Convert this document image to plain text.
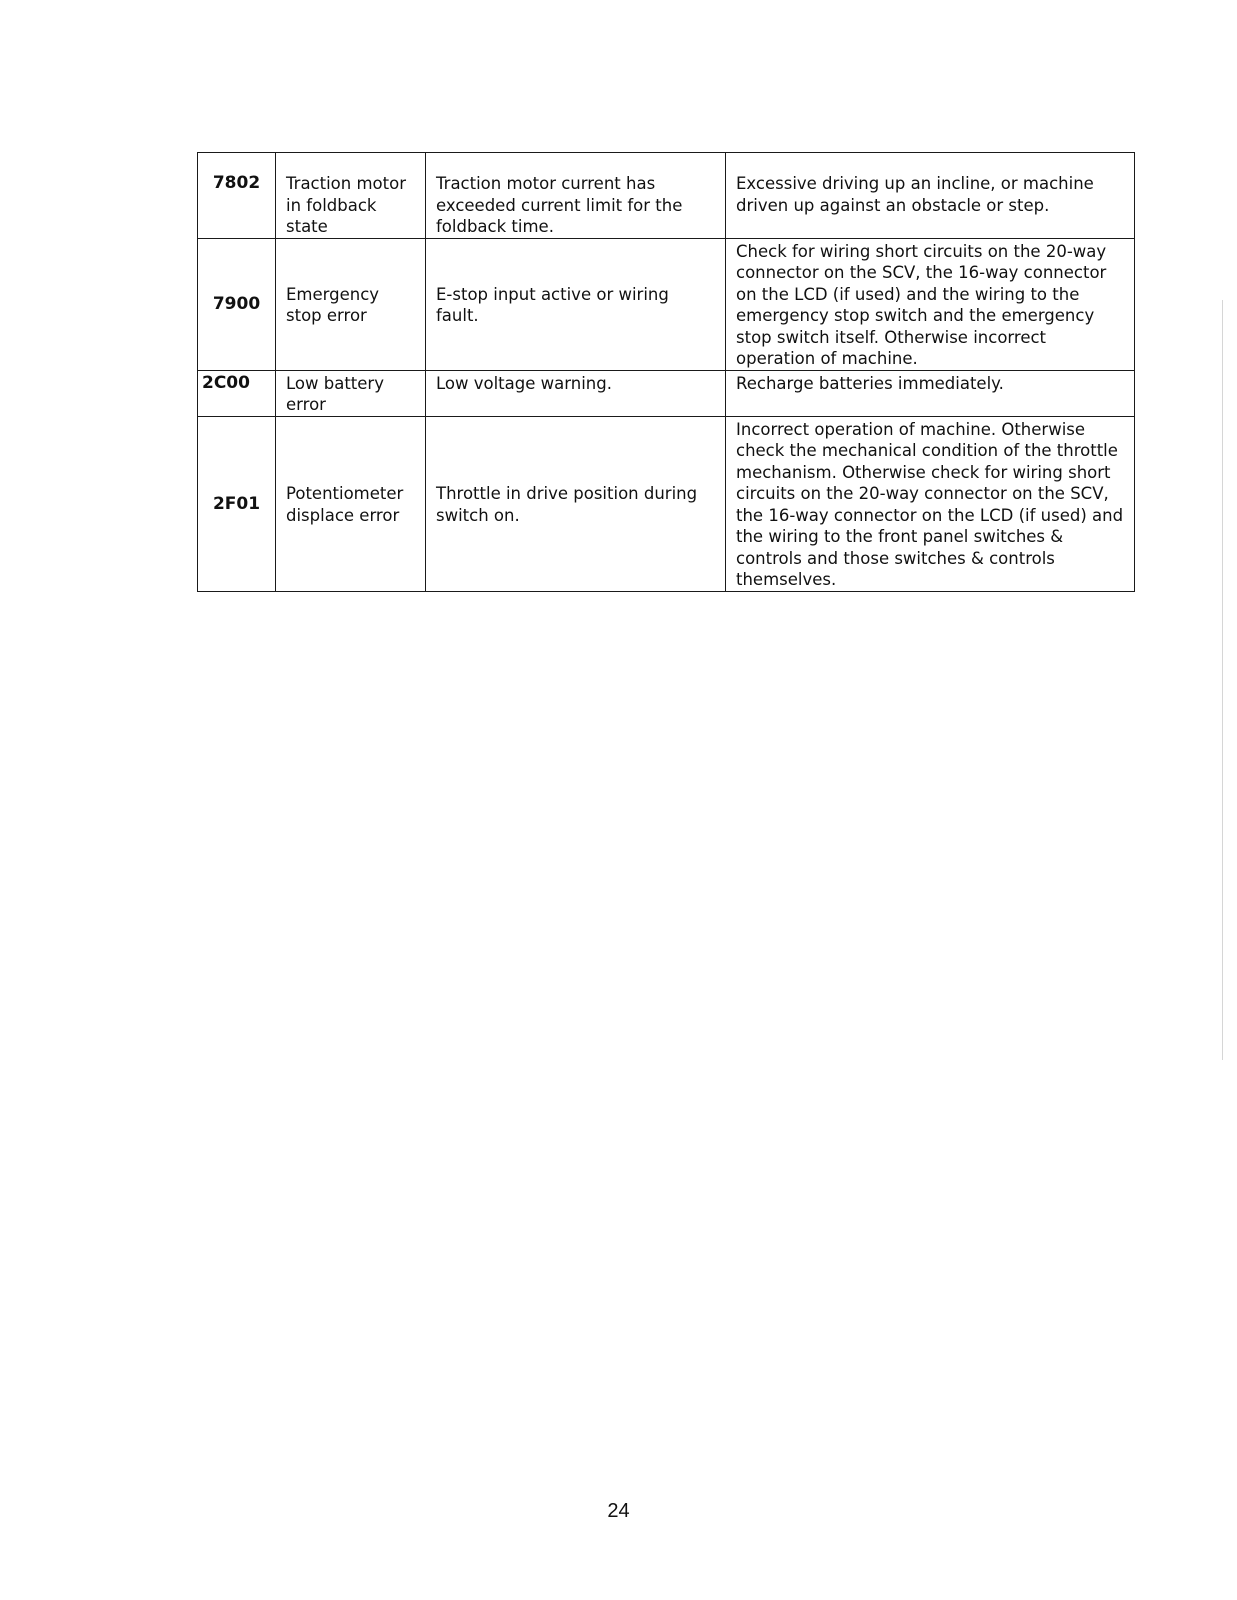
7802	Traction motor in foldback state	Traction motor current has exceeded current limit for the foldback time.	Excessive driving up an incline, or machine driven up against an obstacle or step.
7900	Emergency stop error	E-stop input active or wiring fault.	Check for wiring short circuits on the 20-way connector on the SCV, the 16-way connector on the LCD (if used) and the wiring to the emergency stop switch and the emergency stop switch itself. Otherwise incorrect operation of machine.
2C00	Low battery error	Low voltage warning.	Recharge batteries immediately.
2F01	Potentiometer displace error	Throttle in drive position during switch on.	Incorrect operation of machine. Otherwise check the mechanical condition of the throttle mechanism. Otherwise check for wiring short circuits on the 20-way connector on the SCV, the 16-way connector on the LCD (if used) and the wiring to the front panel switches & controls and those switches & controls themselves.
24
